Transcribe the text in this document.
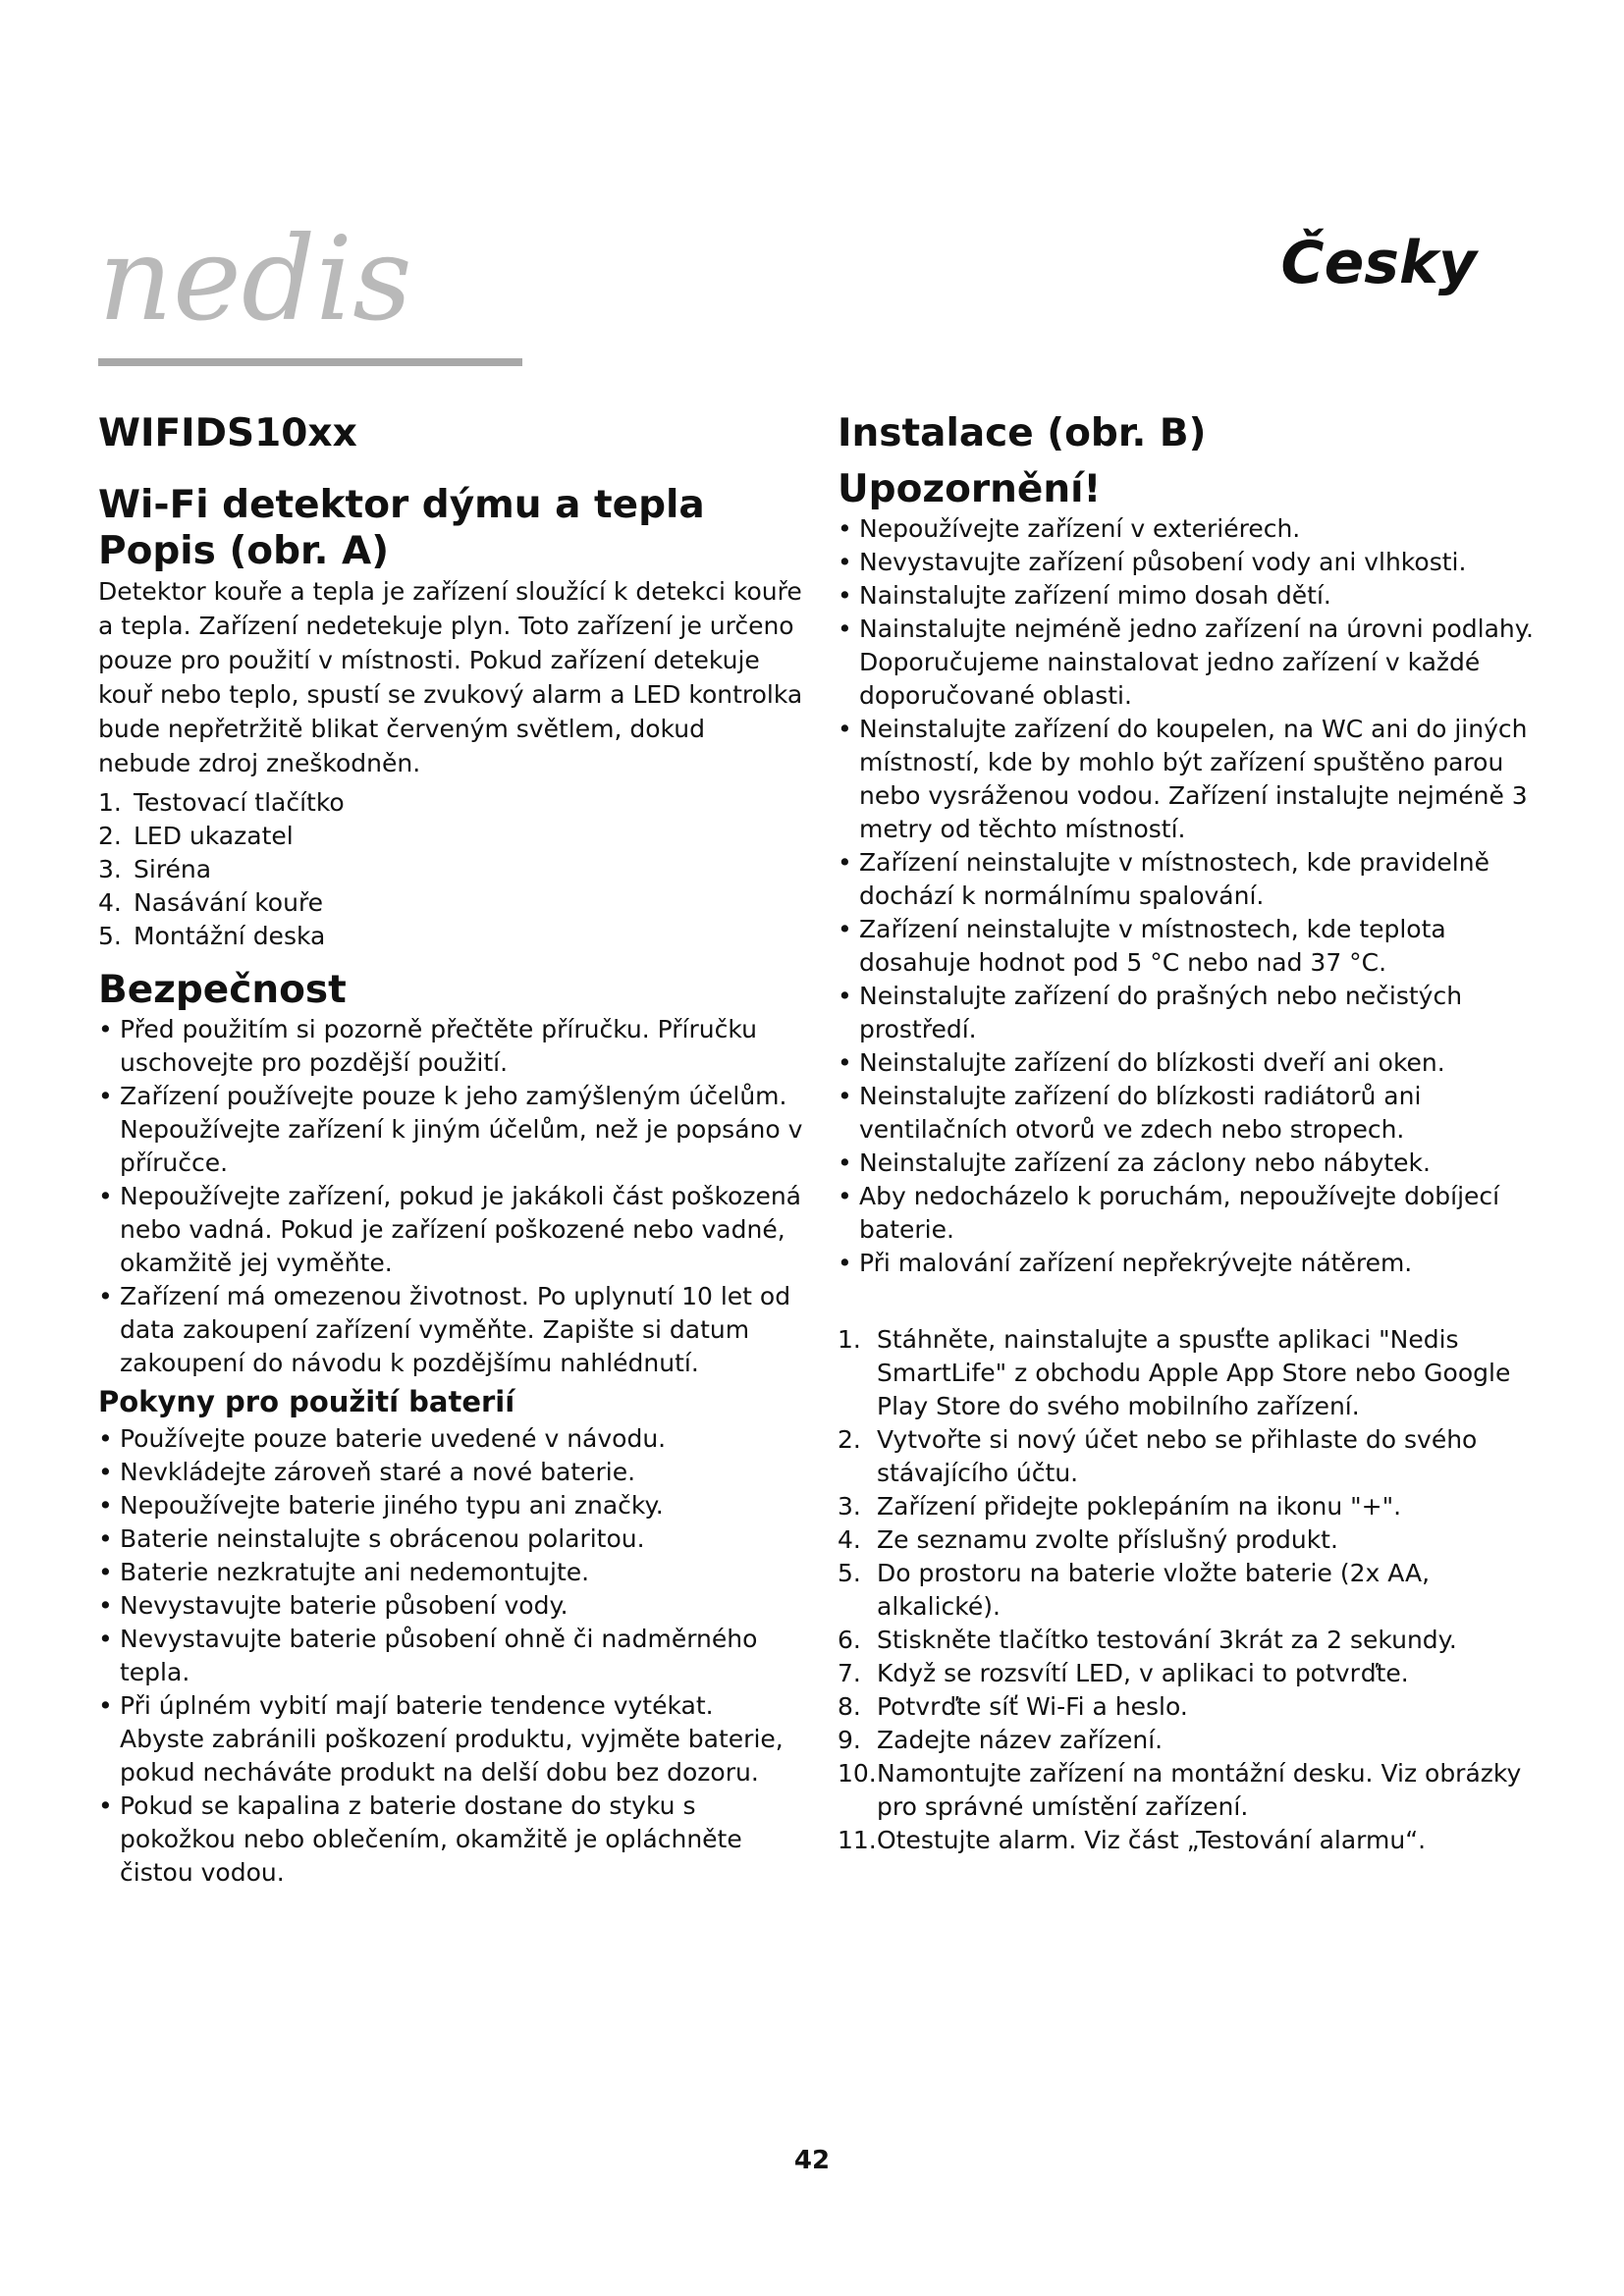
nedis	Česky
WIFIDS10xx
Wi-Fi detektor dýmu a tepla
Popis (obr. A)

Detektor kouře a tepla je zařízení sloužící k detekci kouře a tepla. Zařízení nedetekuje plyn. Toto zařízení je určeno pouze pro použití v místnosti. Pokud zařízení detekuje kouř nebo teplo, spustí se zvukový alarm a LED kontrolka bude nepřetržitě blikat červeným světlem, dokud nebude zdroj zneškodněn.

1. Testovací tlačítko
2. LED ukazatel
3. Siréna
4. Nasávání kouře
5. Montážní deska
Bezpečnost
• Před použitím si pozorně přečtěte příručku. Příručku uschovejte pro pozdější použití.
• Zařízení používejte pouze k jeho zamýšleným účelům. Nepoužívejte zařízení k jiným účelům, než je popsáno v příručce.
• Nepoužívejte zařízení, pokud je jakákoli část poškozená nebo vadná. Pokud je zařízení poškozené nebo vadné, okamžitě jej vyměňte.
• Zařízení má omezenou životnost. Po uplynutí 10 let od data zakoupení zařízení vyměňte. Zapište si datum zakoupení do návodu k pozdějšímu nahlédnutí.
Pokyny pro použití baterií
• Používejte pouze baterie uvedené v návodu.
• Nevkládejte zároveň staré a nové baterie.
• Nepoužívejte baterie jiného typu ani značky.
• Baterie neinstalujte s obrácenou polaritou.
• Baterie nezkratujte ani nedemontujte.
• Nevystavujte baterie působení vody.
• Nevystavujte baterie působení ohně či nadměrného tepla.
• Při úplném vybití mají baterie tendence vytékat. Abyste zabránili poškození produktu, vyjměte baterie, pokud necháváte produkt na delší dobu bez dozoru.
• Pokud se kapalina z baterie dostane do styku s pokožkou nebo oblečením, okamžitě je opláchněte čistou vodou.
Instalace (obr. B)
Upozornění!
• Nepoužívejte zařízení v exteriérech.
• Nevystavujte zařízení působení vody ani vlhkosti.
• Nainstalujte zařízení mimo dosah dětí.
• Nainstalujte nejméně jedno zařízení na úrovni podlahy. Doporučujeme nainstalovat jedno zařízení v každé doporučované oblasti.
• Neinstalujte zařízení do koupelen, na WC ani do jiných místností, kde by mohlo být zařízení spuštěno parou nebo vysráženou vodou. Zařízení instalujte nejméně 3 metry od těchto místností.
• Zařízení neinstalujte v místnostech, kde pravidelně dochází k normálnímu spalování.
• Zařízení neinstalujte v místnostech, kde teplota dosahuje hodnot pod 5 °C nebo nad 37 °C.
• Neinstalujte zařízení do prašných nebo nečistých prostředí.
• Neinstalujte zařízení do blízkosti dveří ani oken.
• Neinstalujte zařízení do blízkosti radiátorů ani ventilačních otvorů ve zdech nebo stropech.
• Neinstalujte zařízení za záclony nebo nábytek.
• Aby nedocházelo k poruchám, nepoužívejte dobíjecí baterie.
• Při malování zařízení nepřekrývejte nátěrem.
1. Stáhněte, nainstalujte a spusťte aplikaci "Nedis SmartLife" z obchodu Apple App Store nebo Google Play Store do svého mobilního zařízení.
2. Vytvořte si nový účet nebo se přihlaste do svého stávajícího účtu.
3. Zařízení přidejte poklepáním na ikonu "+".
4. Ze seznamu zvolte příslušný produkt.
5. Do prostoru na baterie vložte baterie (2x AA, alkalické).
6. Stiskněte tlačítko testování 3krát za 2 sekundy.
7. Když se rozsvítí LED, v aplikaci to potvrďte.
8. Potvrďte síť Wi-Fi a heslo.
9. Zadejte název zařízení.
10. Namontujte zařízení na montážní desku. Viz obrázky pro správné umístění zařízení.
11. Otestujte alarm. Viz část „Testování alarmu“.
42
